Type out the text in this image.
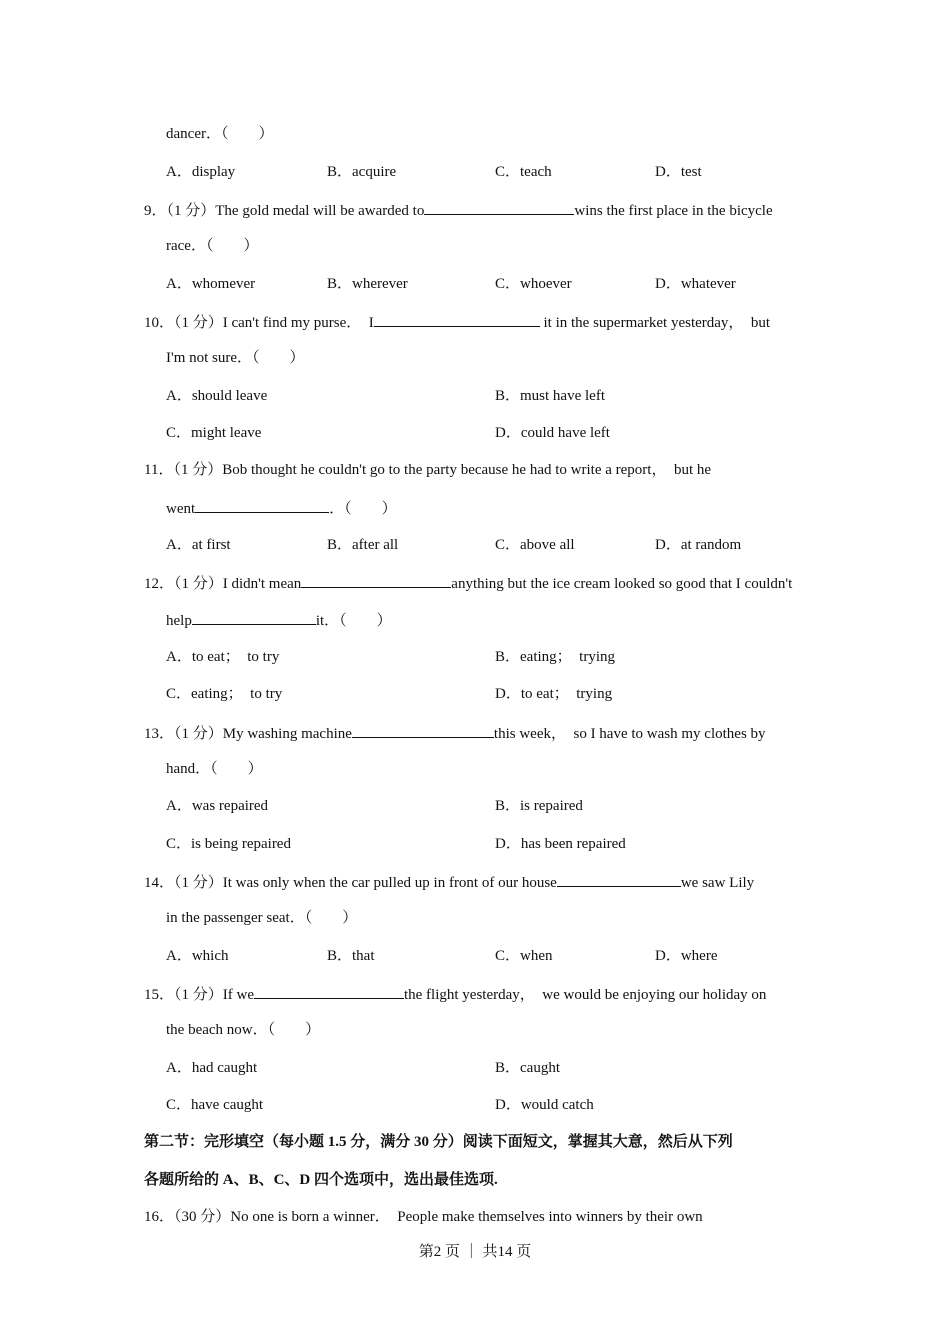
dancer．（　　）
A．display	B．acquire	C．teach	D．test
9．（1 分）The gold medal will be awarded to	wins the first place in the bicycle
race．（　　）
A．whomever	B．wherever	C．whoever	D．whatever
10．（1 分）I can't find my purse．　I	it in the supermarket yesterday，　but
I'm not sure．（　　）
A．should leave	B．must have left
C．might leave	D．could have left
11．（1 分）Bob thought he couldn't go to the party because he had to write a report，　but he
went	．（　　）
A．at first	B．after all	C．above all	D．at random
12．（1 分）I didn't mean	anything but the ice cream looked so good that I couldn't
help	it．（　　）
A．to eat；　to try	B．eating；　trying
C．eating；　to try	D．to eat；　trying
13．（1 分）My washing machine	this week，　so I have to wash my clothes by
hand．（　　）
A．was repaired	B．is repaired
C．is being repaired	D．has been repaired
14．（1 分）It was only when the car pulled up in front of our house	we saw Lily
in the passenger seat．（　　）
A．which	B．that	C．when	D．where
15．（1 分）If we	the flight yesterday，　we would be enjoying our holiday on
the beach now．（　　）
A．had caught	B．caught
C．have caught	D．would catch
第二节：完形填空（每小题 1.5 分，满分 30 分）阅读下面短文，掌握其大意，然后从下列
各题所给的 A、B、C、D 四个选项中，选出最佳选项.
16．（30 分）No one is born a winner．　People make themselves into winners by their own
第2 页 ｜ 共14 页
